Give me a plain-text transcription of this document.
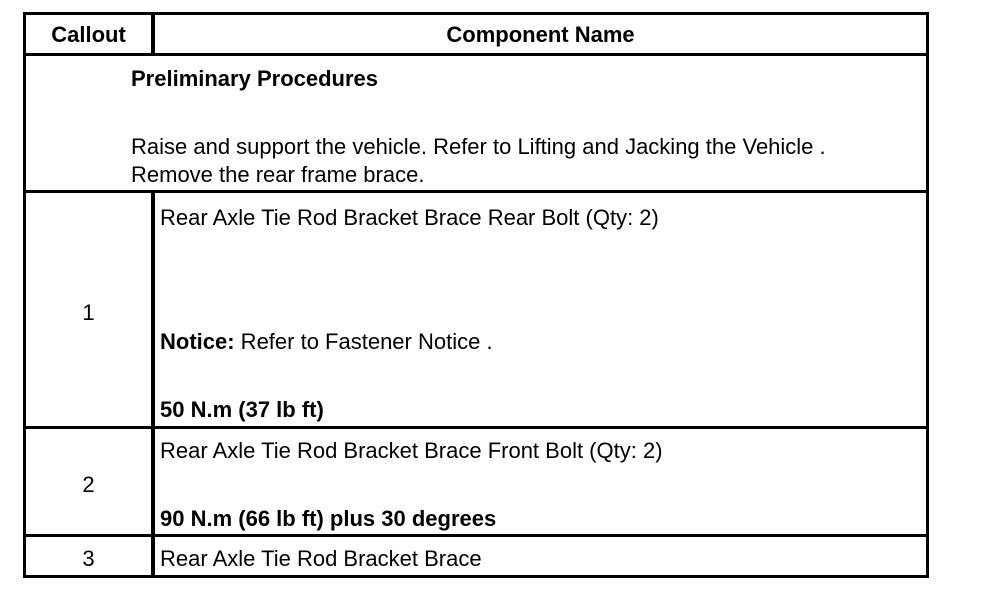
Callout	Component Name
Preliminary Procedures
Raise and support the vehicle. Refer to Lifting and Jacking the Vehicle .
Remove the rear frame brace.
1
Rear Axle Tie Rod Bracket Brace Rear Bolt (Qty: 2)
Notice: Refer to Fastener Notice .
50 N.m (37 lb ft)
2
Rear Axle Tie Rod Bracket Brace Front Bolt (Qty: 2)
90 N.m (66 lb ft) plus 30 degrees
3	Rear Axle Tie Rod Bracket Brace
